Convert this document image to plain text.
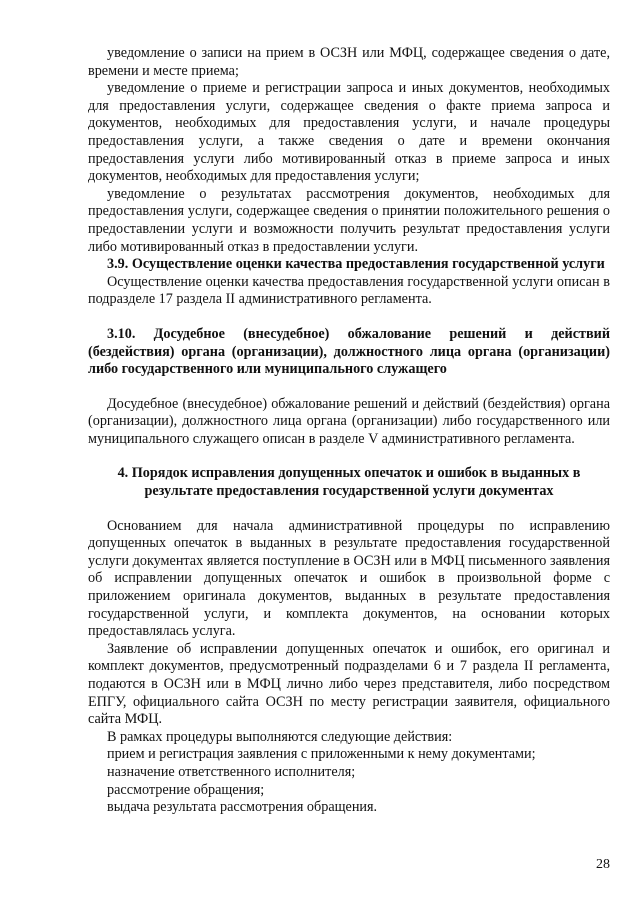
уведомление о записи на прием в ОСЗН или МФЦ, содержащее сведения о дате, времени и месте приема;

уведомление о приеме и регистрации запроса и иных документов, необходимых для предоставления услуги, содержащее сведения о факте приема запроса и документов, необходимых для предоставления услуги, и начале процедуры предоставления услуги, а также сведения о дате и времени окончания предоставления услуги либо мотивированный отказ в приеме запроса и иных документов, необходимых для предоставления услуги;

уведомление о результатах рассмотрения документов, необходимых для предоставления услуги, содержащее сведения о принятии положительного решения о предоставлении услуги и возможности получить результат предоставления услуги либо мотивированный отказ в предоставлении услуги.

3.9. Осуществление оценки качества предоставления государственной услуги

Осуществление оценки качества предоставления государственной услуги описан в подразделе 17 раздела II административного регламента.

3.10. Досудебное (внесудебное) обжалование решений и действий (бездействия) органа (организации), должностного лица органа (организации) либо государственного или муниципального служащего

Досудебное (внесудебное) обжалование решений и действий (бездействия) органа (организации), должностного лица органа (организации) либо государственного или муниципального служащего описан в разделе V административного регламента.

4. Порядок исправления допущенных опечаток и ошибок в выданных в результате предоставления государственной услуги документах

Основанием для начала административной процедуры по исправлению допущенных опечаток в выданных в результате предоставления государственной услуги документах является поступление в ОСЗН или в МФЦ письменного заявления об исправлении допущенных опечаток и ошибок в произвольной форме с приложением оригинала документов, выданных в результате предоставления государственной услуги, и комплекта документов, на основании которых предоставлялась услуга.

Заявление об исправлении допущенных опечаток и ошибок, его оригинал и комплект документов, предусмотренный подразделами 6 и 7 раздела II регламента, подаются в ОСЗН или в МФЦ лично либо через представителя, либо посредством ЕПГУ, официального сайта ОСЗН по месту регистрации заявителя, официального сайта МФЦ.

В рамках процедуры выполняются следующие действия:

прием и регистрация заявления с приложенными к нему документами;

назначение ответственного исполнителя;

рассмотрение обращения;

выдача результата рассмотрения обращения.

28
